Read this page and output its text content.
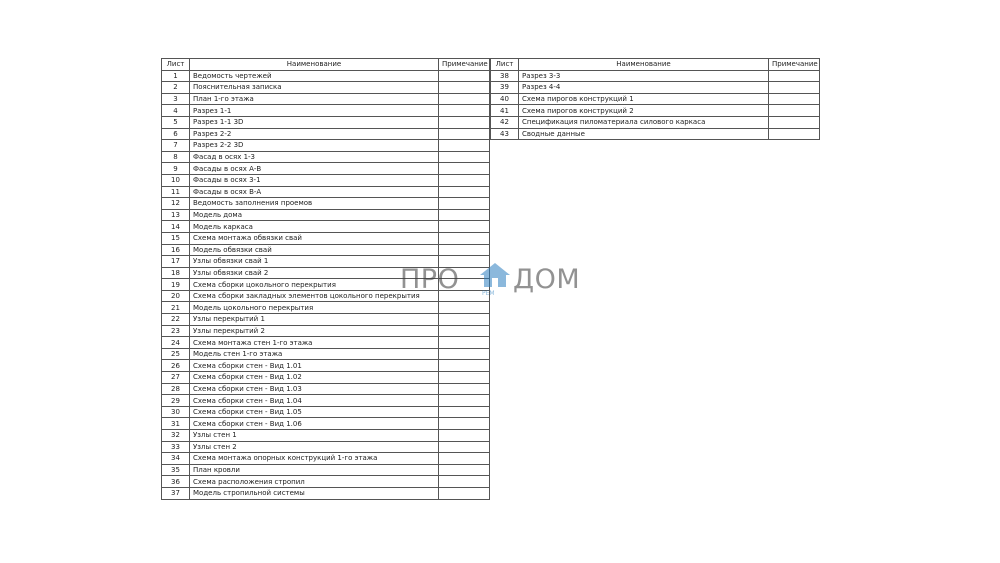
Лист	Наименование	Примечание
1	Ведомость чертежей	
2	Пояснительная записка	
3	План 1-го этажа	
4	Разрез 1-1	
5	Разрез 1-1 3D	
6	Разрез 2-2	
7	Разрез 2-2 3D	
8	Фасад в осях 1-3	
9	Фасады в осях А-В	
10	Фасады в осях 3-1	
11	Фасады в осях В-А	
12	Ведомость заполнения проемов	
13	Модель дома	
14	Модель каркаса	
15	Схема монтажа обвязки свай	
16	Модель обвязки свай	
17	Узлы обвязки свай 1	
18	Узлы обвязки свай 2	
19	Схема сборки цокольного перекрытия	
20	Схема сборки закладных элементов цокольного перекрытия	
21	Модель цокольного перекрытия	
22	Узлы перекрытий 1	
23	Узлы перекрытий 2	
24	Схема монтажа стен 1-го этажа	
25	Модель стен 1-го этажа	
26	Схема сборки стен - Вид 1.01	
27	Схема сборки стен - Вид 1.02	
28	Схема сборки стен - Вид 1.03	
29	Схема сборки стен - Вид 1.04	
30	Схема сборки стен - Вид 1.05	
31	Схема сборки стен - Вид 1.06	
32	Узлы стен 1	
33	Узлы стен 2	
34	Схема монтажа опорных конструкций 1-го этажа	
35	План кровли	
36	Схема расположения стропил	
37	Модель стропильной системы	
Лист	Наименование	Примечание
38	Разрез 3-3	
39	Разрез 4-4	
40	Схема пирогов конструкций 1	
41	Схема пирогов конструкций 2	
42	Спецификация пиломатериала силового каркаса	
43	Сводные данные	
ПРО	РЕМ ДОМ
